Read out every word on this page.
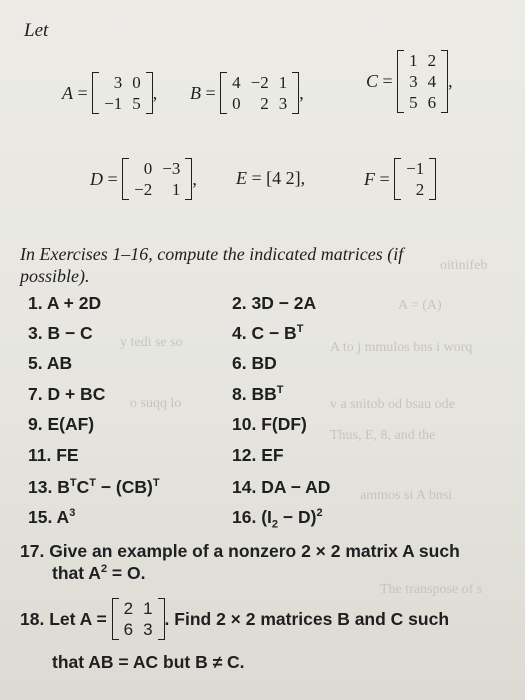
oitìnifeb
A = (A)
y tedi se so	A to j mmulos bns i worq
o suqq lo	v a snitob od bsau ode
Thus, E, 8, and the
ammos si A bnsi
The transpose of s
Let
A = 3	0
−1	5
, B = 4	−2	1
0	2	3
,
C =
1	2
3	4
5	6
,
D = 0	−3
−2	1
, E = [4 2],	F = −1
2
In Exercises 1–16, compute the indicated matrices (if
possible).
1. A + 2D	2. 3D − 2A
3. B − C	4. $C - B^T$
5. AB	6. BD
7. D + BC	8. $BB^T$
9. E(AF)	10. F(DF)
11. FE	12. EF
13. $B^TC^T - (CB)^T$	14. DA − AD
15. $A^3$	16. $(I_2 - D)^2$
17. Give an example of a nonzero 2 × 2 matrix A such
that $A^2 = O$.
18. Let A =
2	1
6	3
. Find 2 × 2 matrices B and C such
that AB = AC but B ≠ C.
